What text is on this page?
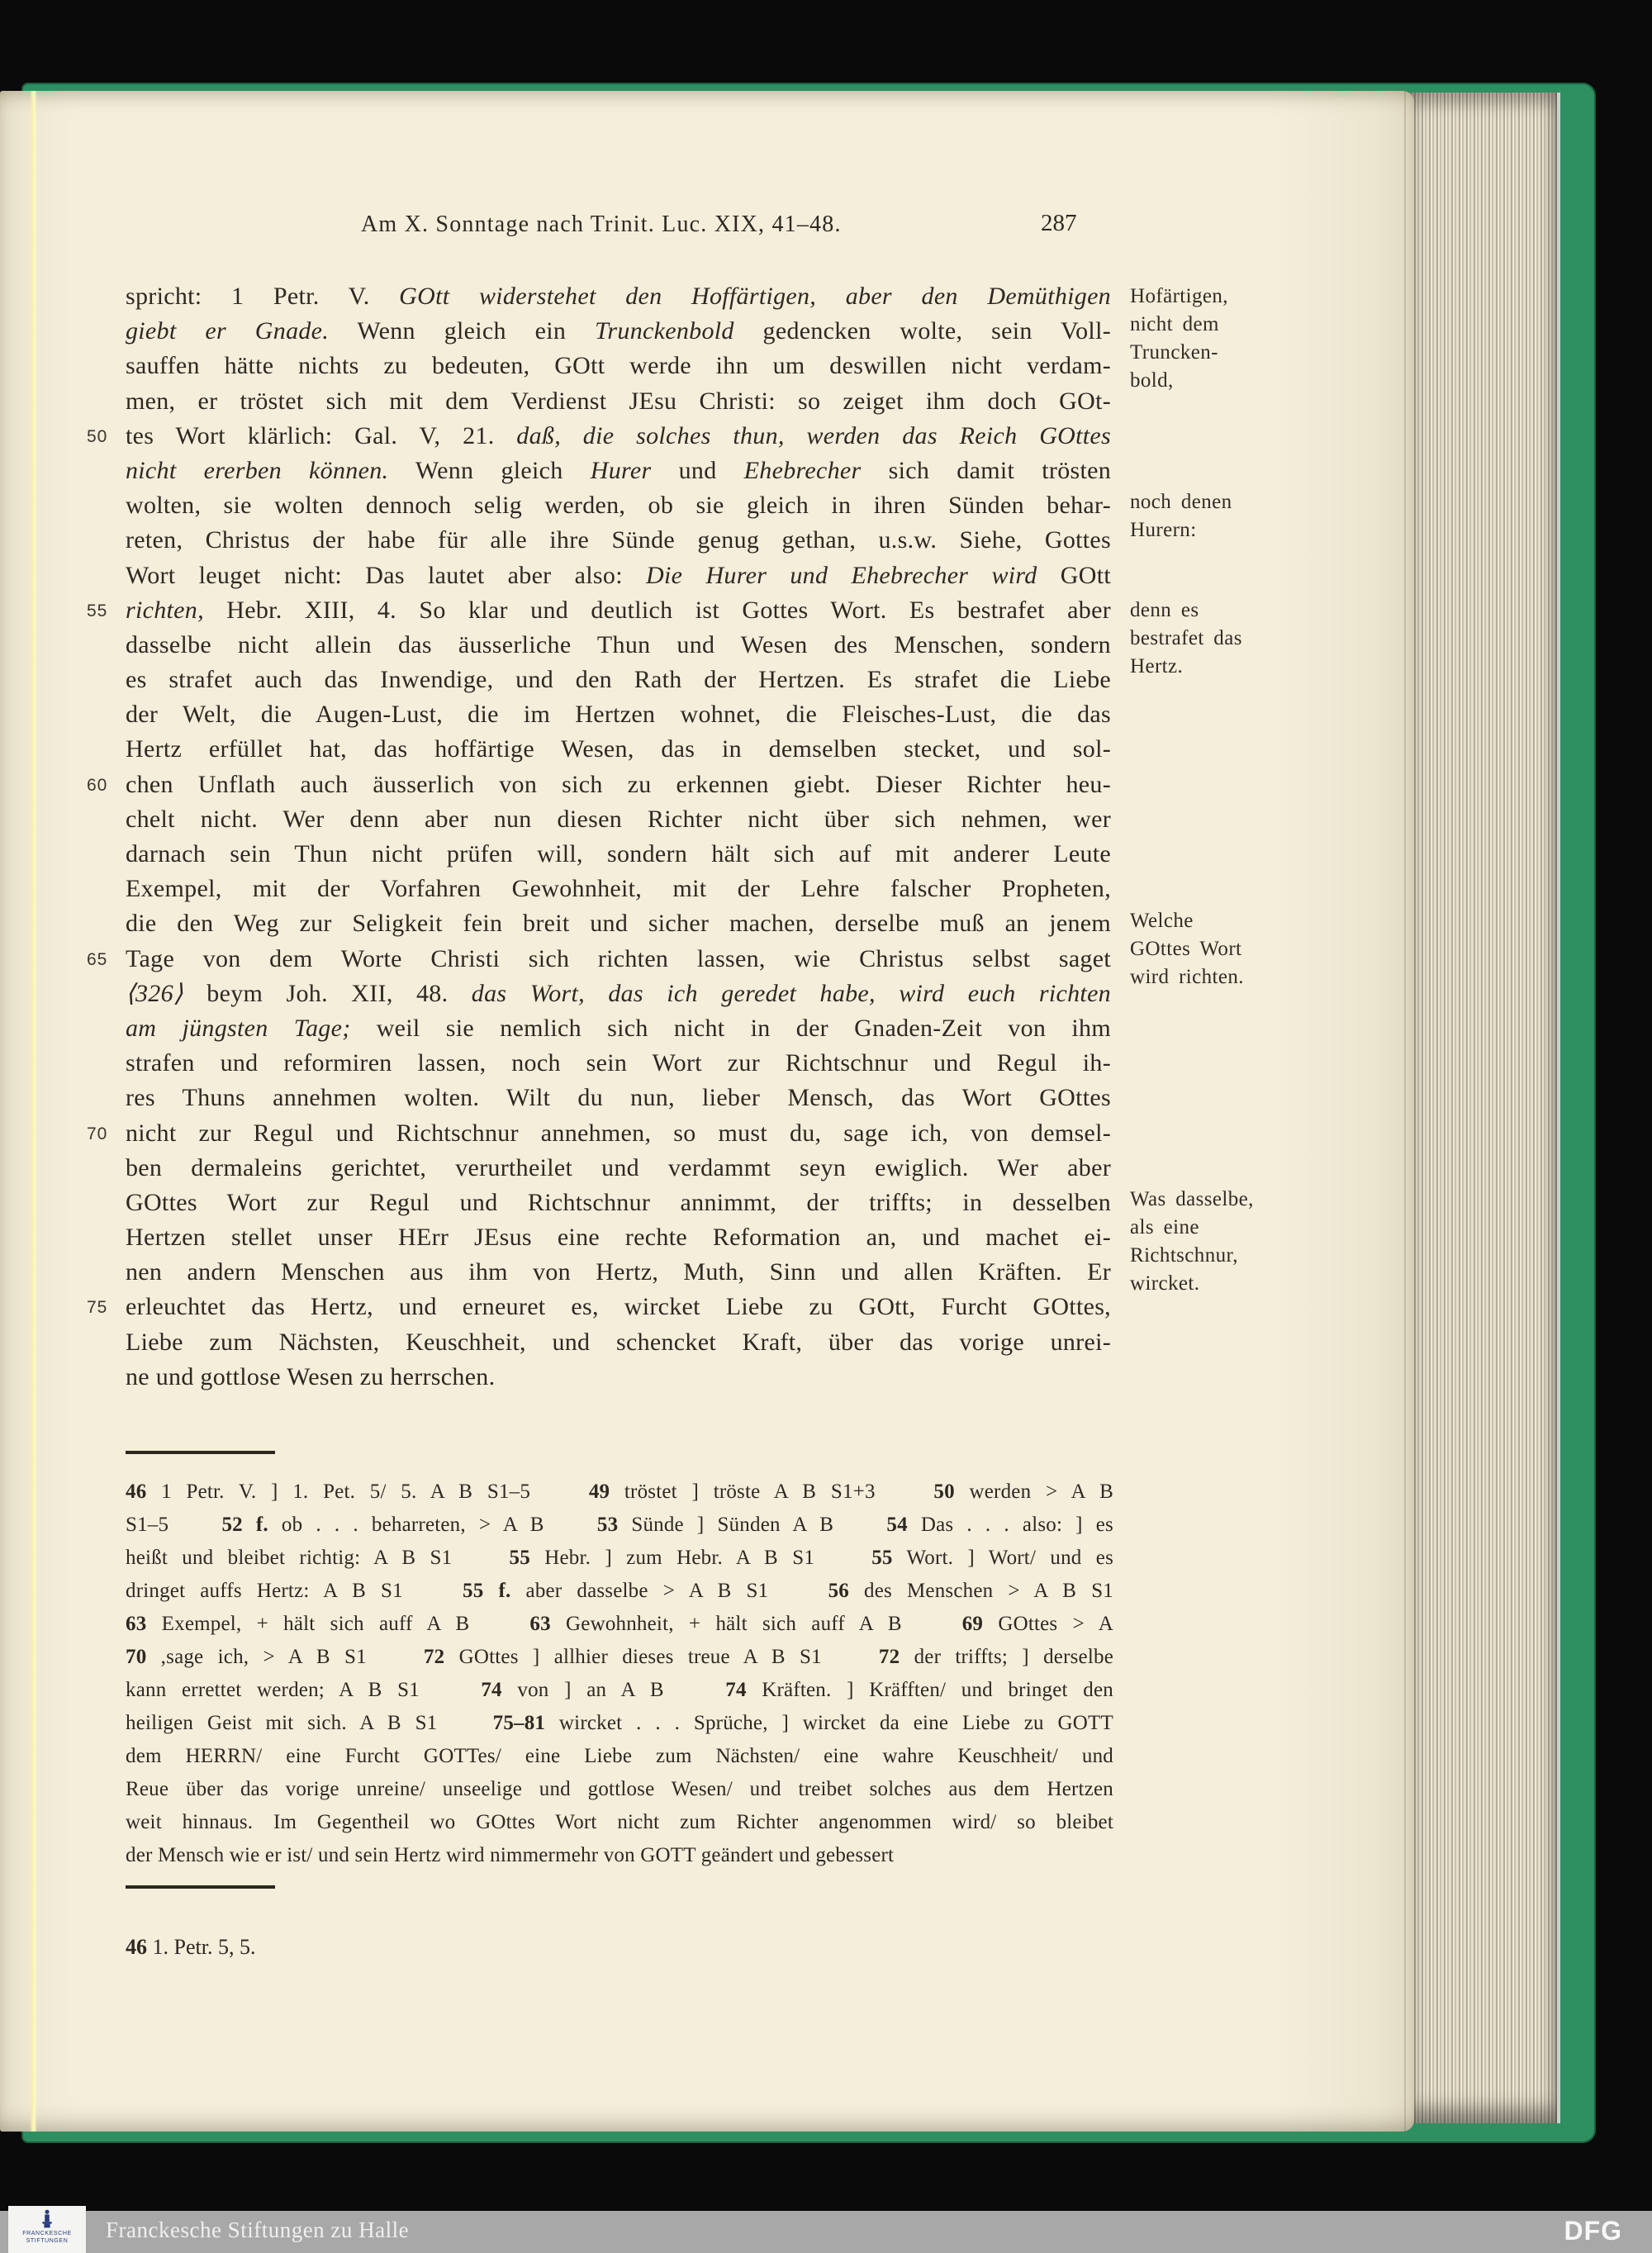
Am X. Sonntage nach Trinit. Luc. XIX, 41–48.	287
spricht: 1 Petr. V. GOtt widerstehet den Hoffärtigen, aber den Demüthigen
giebt er Gnade. Wenn gleich ein Trunckenbold gedencken wolte, sein Voll-
sauffen hätte nichts zu bedeuten, GOtt werde ihn um deswillen nicht verdam-
men, er tröstet sich mit dem Verdienst JEsu Christi: so zeiget ihm doch GOt-
50 tes Wort klärlich: Gal. V, 21. daß, die solches thun, werden das Reich GOttes
nicht ererben können. Wenn gleich Hurer und Ehebrecher sich damit trösten
wolten, sie wolten dennoch selig werden, ob sie gleich in ihren Sünden behar-
reten, Christus der habe für alle ihre Sünde genug gethan, u.s.w. Siehe, Gottes
Wort leuget nicht: Das lautet aber also: Die Hurer und Ehebrecher wird GOtt
55 richten, Hebr. XIII, 4. So klar und deutlich ist Gottes Wort. Es bestrafet aber
dasselbe nicht allein das äusserliche Thun und Wesen des Menschen, sondern
es strafet auch das Inwendige, und den Rath der Hertzen. Es strafet die Liebe
der Welt, die Augen-Lust, die im Hertzen wohnet, die Fleisches-Lust, die das
Hertz erfüllet hat, das hoffärtige Wesen, das in demselben stecket, und sol-
60 chen Unflath auch äusserlich von sich zu erkennen giebt. Dieser Richter heu-
chelt nicht. Wer denn aber nun diesen Richter nicht über sich nehmen, wer
darnach sein Thun nicht prüfen will, sondern hält sich auf mit anderer Leute
Exempel, mit der Vorfahren Gewohnheit, mit der Lehre falscher Propheten,
die den Weg zur Seligkeit fein breit und sicher machen, derselbe muß an jenem
65 Tage von dem Worte Christi sich richten lassen, wie Christus selbst saget
⟨326⟩ beym Joh. XII, 48. das Wort, das ich geredet habe, wird euch richten
am jüngsten Tage; weil sie nemlich sich nicht in der Gnaden-Zeit von ihm
strafen und reformiren lassen, noch sein Wort zur Richtschnur und Regul ih-
res Thuns annehmen wolten. Wilt du nun, lieber Mensch, das Wort GOttes
70 nicht zur Regul und Richtschnur annehmen, so must du, sage ich, von demsel-
ben dermaleins gerichtet, verurtheilet und verdammt seyn ewiglich. Wer aber
GOttes Wort zur Regul und Richtschnur annimmt, der triffts; in desselben
Hertzen stellet unser HErr JEsus eine rechte Reformation an, und machet ei-
nen andern Menschen aus ihm von Hertz, Muth, Sinn und allen Kräften. Er
75 erleuchtet das Hertz, und erneuret es, wircket Liebe zu GOtt, Furcht GOttes,
Liebe zum Nächsten, Keuschheit, und schencket Kraft, über das vorige unrei-
ne und gottlose Wesen zu herrschen.
Hofärtigen,
nicht dem
Truncken-
bold,
noch denen
Hurern:
denn es
bestrafet das
Hertz.
Welche
GOttes Wort
wird richten.
Was dasselbe,
als eine
Richtschnur,
wircket.
46 1 Petr. V. ] 1. Pet. 5/ 5. A B S1–5    49 tröstet ] tröste A B S1+3    50 werden > A B
S1–5    52 f. ob . . . beharreten, > A B    53 Sünde ] Sünden A B    54 Das . . . also: ] es
heißt und bleibet richtig: A B S1    55 Hebr. ] zum Hebr. A B S1    55 Wort. ] Wort/ und es
dringet auffs Hertz: A B S1    55 f. aber dasselbe > A B S1    56 des Menschen > A B S1
63 Exempel, + hält sich auff A B    63 Gewohnheit, + hält sich auff A B    69 GOttes > A
70 ,sage ich, > A B S1    72 GOttes ] allhier dieses treue A B S1    72 der triffts; ] derselbe
kann errettet werden; A B S1    74 von ] an A B    74 Kräften. ] Kräfften/ und bringet den
heiligen Geist mit sich. A B S1    75–81 wircket . . . Sprüche, ] wircket da eine Liebe zu GOTT
dem HERRN/ eine Furcht GOTTes/ eine Liebe zum Nächsten/ eine wahre Keuschheit/ und
Reue über das vorige unreine/ unseelige und gottlose Wesen/ und treibet solches aus dem Hertzen
weit hinnaus. Im Gegentheil wo GOttes Wort nicht zum Richter angenommen wird/ so bleibet
der Mensch wie er ist/ und sein Hertz wird nimmermehr von GOTT geändert und gebessert
46 1. Petr. 5, 5.
FRANCKESCHE
STIFTUNGEN Franckesche Stiftungen zu Halle	DFG
